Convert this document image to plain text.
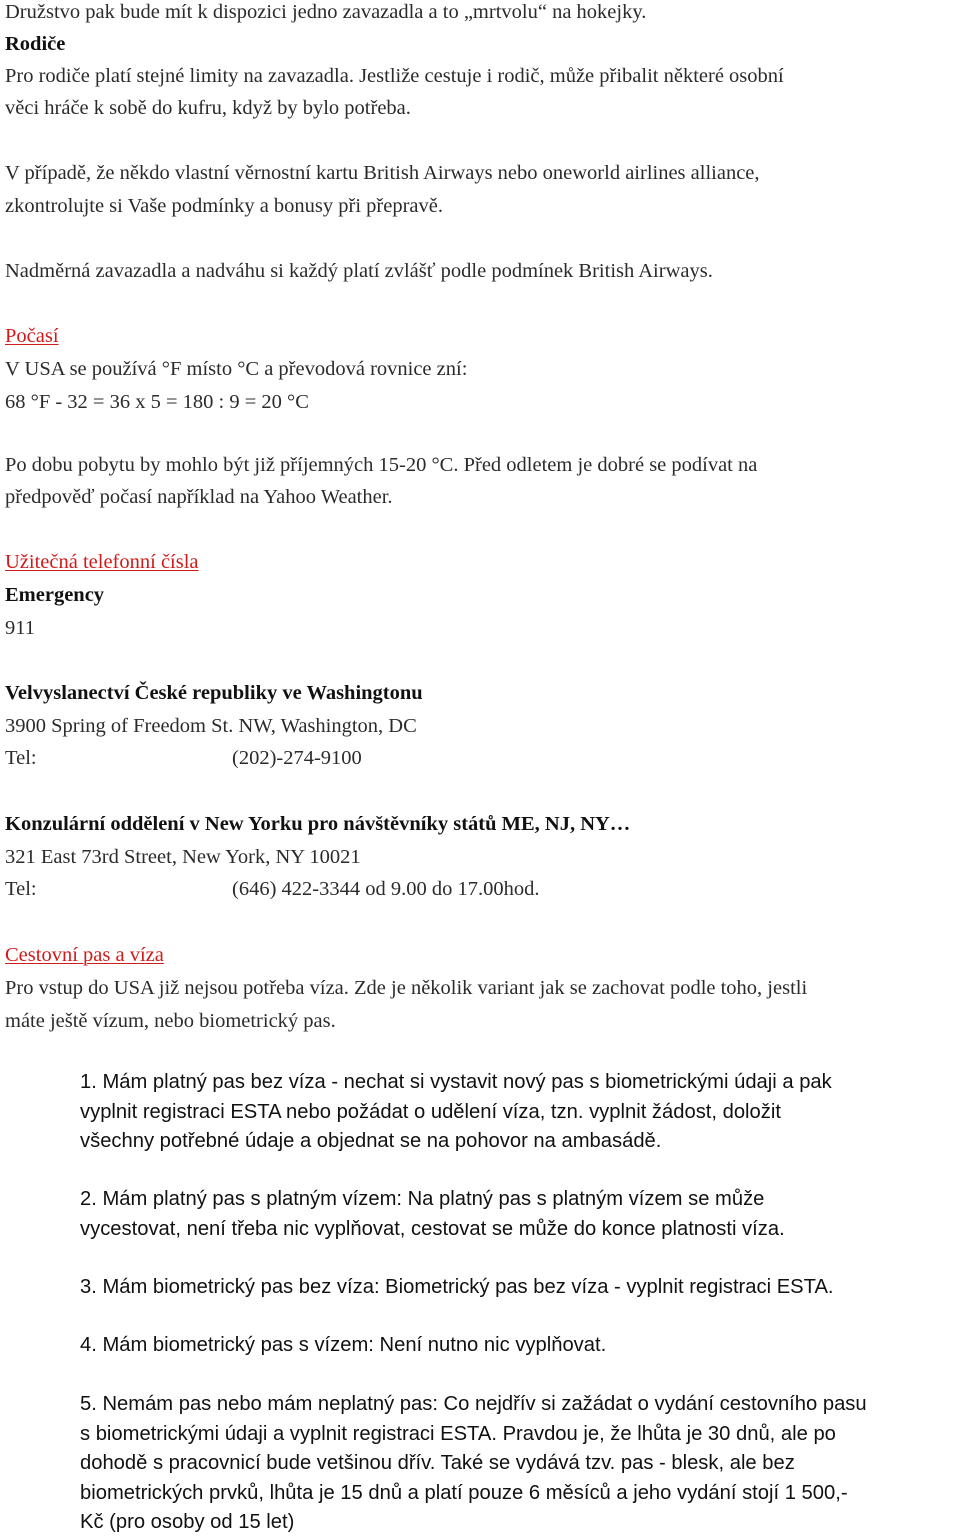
Družstvo pak bude mít k dispozici jedno zavazadla a to „mrtvolu“ na hokejky.
Rodiče
Pro rodiče platí stejné limity na zavazadla. Jestliže cestuje i rodič, může přibalit některé osobní
věci hráče k sobě do kufru, když by bylo potřeba.
V případě, že někdo vlastní věrnostní kartu British Airways nebo oneworld airlines alliance,
zkontrolujte si Vaše podmínky a bonusy při přepravě.
Nadměrná zavazadla a nadváhu si každý platí zvlášť podle podmínek British Airways.
Počasí
V USA se používá °F místo °C a převodová rovnice zní:
68 °F - 32 = 36 x 5 = 180 : 9 = 20 °C
Po dobu pobytu by mohlo být již příjemných 15-20 °C. Před odletem je dobré se podívat na
předpověď počasí například na Yahoo Weather.
Užitečná telefonní čísla
Emergency
911
Velvyslanectví České republiky ve Washingtonu
3900 Spring of Freedom St. NW, Washington, DC
Tel:	(202)-274-9100
Konzulární oddělení v New Yorku pro návštěvníky států ME, NJ, NY…
321 East 73rd Street, New York, NY 10021
Tel:	(646) 422-3344 od 9.00 do 17.00hod.
Cestovní pas a víza
Pro vstup do USA již nejsou potřeba víza. Zde je několik variant jak se zachovat podle toho, jestli
máte ještě vízum, nebo biometrický pas.
1. Mám platný pas bez víza - nechat si vystavit nový pas s biometrickými údaji a pak
vyplnit registraci ESTA nebo požádat o udělení víza, tzn. vyplnit žádost, doložit
všechny potřebné údaje a objednat se na pohovor na ambasádě.
2. Mám platný pas s platným vízem: Na platný pas s platným vízem se může
vycestovat, není třeba nic vyplňovat, cestovat se může do konce platnosti víza.
3. Mám biometrický pas bez víza: Biometrický pas bez víza - vyplnit registraci ESTA.
4. Mám biometrický pas s vízem: Není nutno nic vyplňovat.
5. Nemám pas nebo mám neplatný pas: Co nejdřív si zažádat o vydání cestovního pasu
s biometrickými údaji a vyplnit registraci ESTA. Pravdou je, že lhůta je 30 dnů, ale po
dohodě s pracovnicí bude vetšinou dřív. Také se vydává tzv. pas - blesk, ale bez
biometrických prvků, lhůta je 15 dnů a platí pouze 6 měsíců a jeho vydání stojí 1 500,-
Kč (pro osoby od 15 let)
